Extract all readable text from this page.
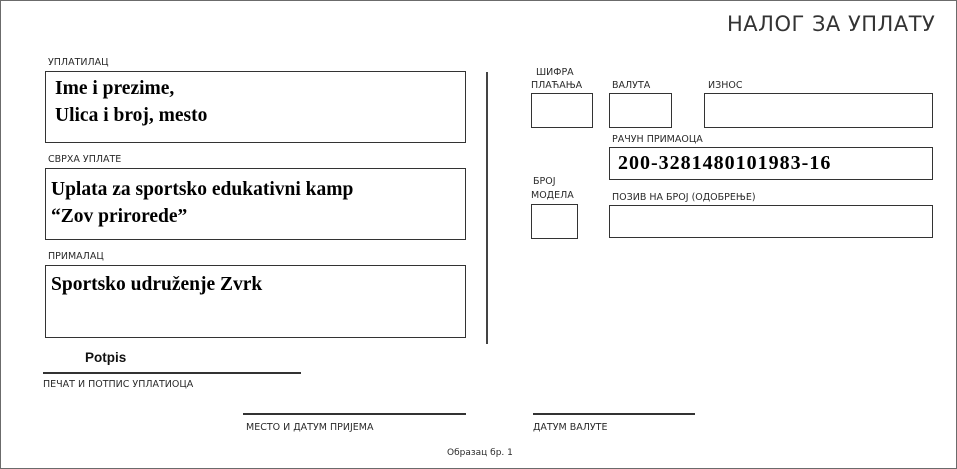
НАЛОГ ЗА УПЛАТУ
УПЛАТИЛАЦ
Ime i prezime,
Ulica i broj, mesto
СВРХА УПЛАТЕ
Uplata za sportsko edukativni kamp
“Zov prirorede”
ПРИМАЛАЦ
Sportsko udruženje Zvrk
Potpis
ПЕЧАТ И ПОТПИС УПЛАТИОЦА
ШИФРА
ПЛАЋАЊА	ВАЛУТА	ИЗНОС
РАЧУН ПРИМАОЦА
200-3281480101983-16
БРОЈ
МОДЕЛА	ПОЗИВ НА БРОЈ (ОДОБРЕЊЕ)
МЕСТО И ДАТУМ ПРИЈЕМА	ДАТУМ ВАЛУТЕ
Образац бр. 1
